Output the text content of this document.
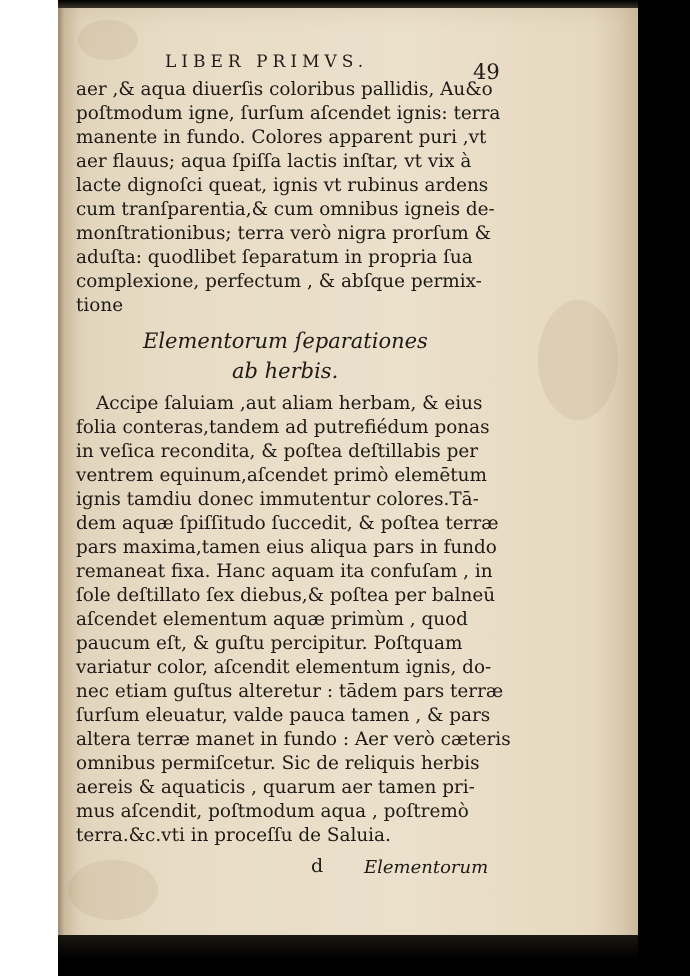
LIBER PRIMVS.	49
aer ,& aqua diuerſis coloribus pallidis, Au&o
poſtmodum igne, ſurſum aſcendet ignis: terra
manente in fundo. Colores apparent puri ,vt
aer flauus; aqua ſpiſſa lactis inſtar, vt vix à
lacte dignoſci queat, ignis vt rubinus ardens
cum tranſparentia,& cum omnibus igneis de-
monſtrationibus; terra verò nigra prorſum &
aduſta: quodlibet ſeparatum in propria ſua
complexione, perfectum , & abſque permix-
tione
Elementorum ſeparationes
ab herbis.
Accipe ſaluiam ,aut aliam herbam, & eius
folia conteras,tandem ad putrefiédum ponas
in veſica recondita, & poſtea deſtillabis per
ventrem equinum,aſcendet primò elemētum
ignis tamdiu donec immutentur colores.Tā-
dem aquæ ſpiſſitudo ſuccedit, & poſtea terræ
pars maxima,tamen eius aliqua pars in fundo
remaneat fixa. Hanc aquam ita confuſam , in
ſole deſtillato ſex diebus,& poſtea per balneū
aſcendet elementum aquæ primùm , quod
paucum eſt, & guſtu percipitur. Poſtquam
variatur color, aſcendit elementum ignis, do-
nec etiam guſtus alteretur : tādem pars terræ
ſurſum eleuatur, valde pauca tamen , & pars
altera terræ manet in fundo : Aer verò cæteris
omnibus permiſcetur. Sic de reliquis herbis
aereis & aquaticis , quarum aer tamen pri-
mus aſcendit, poſtmodum aqua , poſtremò
terra.&c.vti in proceſſu de Saluia.
d Elementorum
